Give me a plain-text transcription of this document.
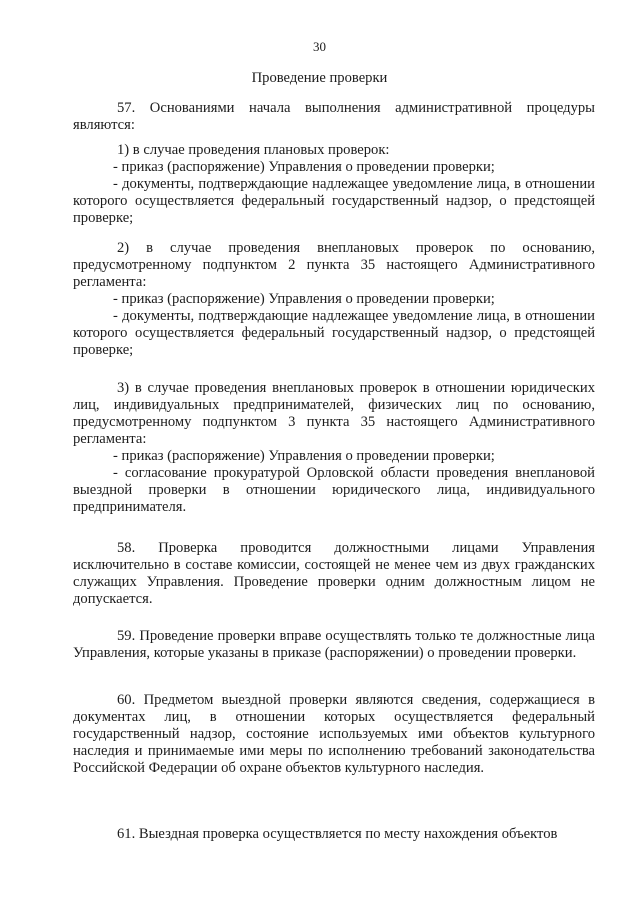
30
Проведение проверки

57. Основаниями начала выполнения административной процедуры являются:

1) в случае проведения плановых проверок:

- приказ (распоряжение) Управления о проведении проверки;

- документы, подтверждающие надлежащее уведомление лица, в отношении которого осуществляется федеральный государственный надзор, о предстоящей проверке;

2) в случае проведения внеплановых проверок по основанию, предусмотренному подпунктом 2 пункта 35 настоящего Административного регламента:

- приказ (распоряжение) Управления о проведении проверки;

- документы, подтверждающие надлежащее уведомление лица, в отношении которого осуществляется федеральный государственный надзор, о предстоящей проверке;

3) в случае проведения внеплановых проверок в отношении юридических лиц, индивидуальных предпринимателей, физических лиц по основанию, предусмотренному подпунктом 3 пункта 35 настоящего Административного регламента:

- приказ (распоряжение) Управления о проведении проверки;

- согласование прокуратурой Орловской области проведения внеплановой выездной проверки в отношении юридического лица, индивидуального предпринимателя.

58. Проверка проводится должностными лицами Управления исключительно в составе комиссии, состоящей не менее чем из двух гражданских служащих Управления. Проведение проверки одним должностным лицом не допускается.

59. Проведение проверки вправе осуществлять только те должностные лица Управления, которые указаны в приказе (распоряжении) о проведении проверки.

60. Предметом выездной проверки являются сведения, содержащиеся в документах лиц, в отношении которых осуществляется федеральный государственный надзор, состояние используемых ими объектов культурного наследия и принимаемые ими меры по исполнению требований законодательства Российской Федерации об охране объектов культурного наследия.

61. Выездная проверка осуществляется по месту нахождения объектов
